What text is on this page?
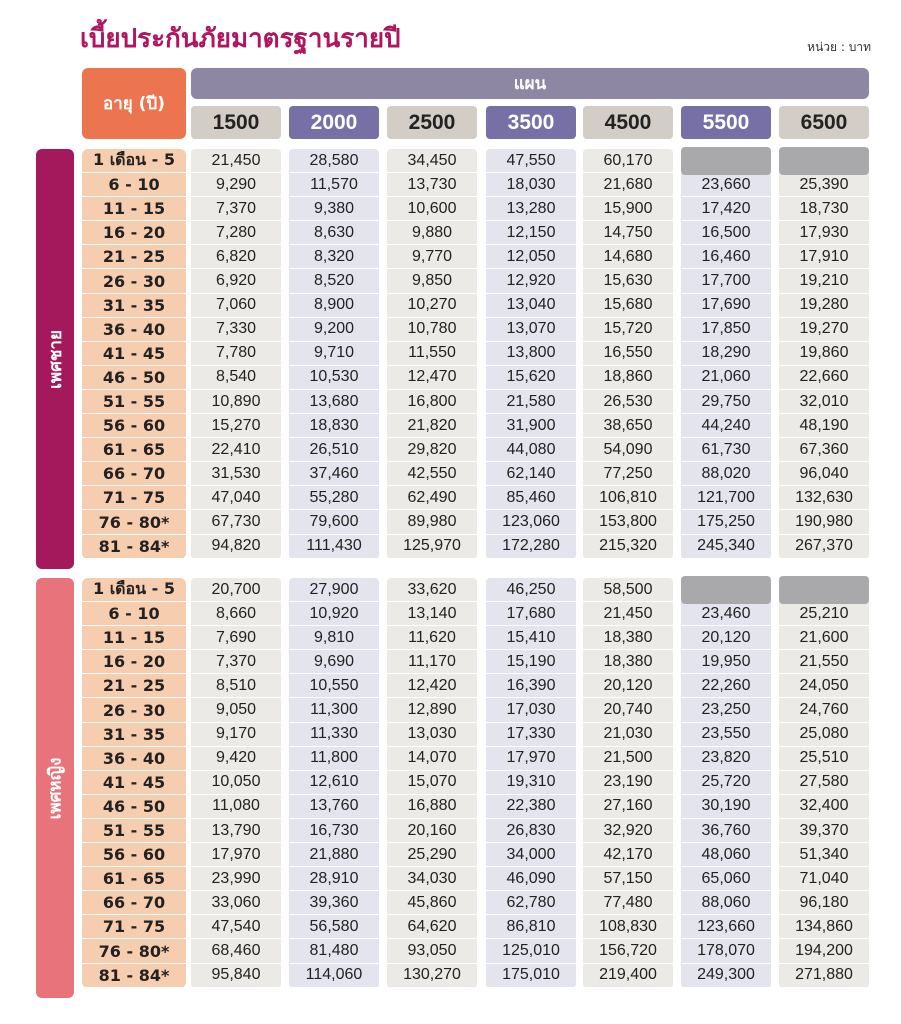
เบี้ยประกันภัยมาตรฐานรายปี	หน่วย : บาท
อายุ (ปี)
แผน
เพศชาย
เพศหญิง
1500	2000	2500	3500	4500	5500	6500
1 เดือน - 5	21,450	28,580	34,450	47,550	60,170
6 - 10	9,290	11,570	13,730	18,030	21,680	23,660	25,390
11 - 15	7,370	9,380	10,600	13,280	15,900	17,420	18,730
16 - 20	7,280	8,630	9,880	12,150	14,750	16,500	17,930
21 - 25	6,820	8,320	9,770	12,050	14,680	16,460	17,910
26 - 30	6,920	8,520	9,850	12,920	15,630	17,700	19,210
31 - 35	7,060	8,900	10,270	13,040	15,680	17,690	19,280
36 - 40	7,330	9,200	10,780	13,070	15,720	17,850	19,270
41 - 45	7,780	9,710	11,550	13,800	16,550	18,290	19,860
46 - 50	8,540	10,530	12,470	15,620	18,860	21,060	22,660
51 - 55	10,890	13,680	16,800	21,580	26,530	29,750	32,010
56 - 60	15,270	18,830	21,820	31,900	38,650	44,240	48,190
61 - 65	22,410	26,510	29,820	44,080	54,090	61,730	67,360
66 - 70	31,530	37,460	42,550	62,140	77,250	88,020	96,040
71 - 75	47,040	55,280	62,490	85,460	106,810	121,700	132,630
76 - 80*	67,730	79,600	89,980	123,060	153,800	175,250	190,980
81 - 84*	94,820	111,430	125,970	172,280	215,320	245,340	267,370
1 เดือน - 5	20,700	27,900	33,620	46,250	58,500
6 - 10	8,660	10,920	13,140	17,680	21,450	23,460	25,210
11 - 15	7,690	9,810	11,620	15,410	18,380	20,120	21,600
16 - 20	7,370	9,690	11,170	15,190	18,380	19,950	21,550
21 - 25	8,510	10,550	12,420	16,390	20,120	22,260	24,050
26 - 30	9,050	11,300	12,890	17,030	20,740	23,250	24,760
31 - 35	9,170	11,330	13,030	17,330	21,030	23,550	25,080
36 - 40	9,420	11,800	14,070	17,970	21,500	23,820	25,510
41 - 45	10,050	12,610	15,070	19,310	23,190	25,720	27,580
46 - 50	11,080	13,760	16,880	22,380	27,160	30,190	32,400
51 - 55	13,790	16,730	20,160	26,830	32,920	36,760	39,370
56 - 60	17,970	21,880	25,290	34,000	42,170	48,060	51,340
61 - 65	23,990	28,910	34,030	46,090	57,150	65,060	71,040
66 - 70	33,060	39,360	45,860	62,780	77,480	88,060	96,180
71 - 75	47,540	56,580	64,620	86,810	108,830	123,660	134,860
76 - 80*	68,460	81,480	93,050	125,010	156,720	178,070	194,200
81 - 84*	95,840	114,060	130,270	175,010	219,400	249,300	271,880
